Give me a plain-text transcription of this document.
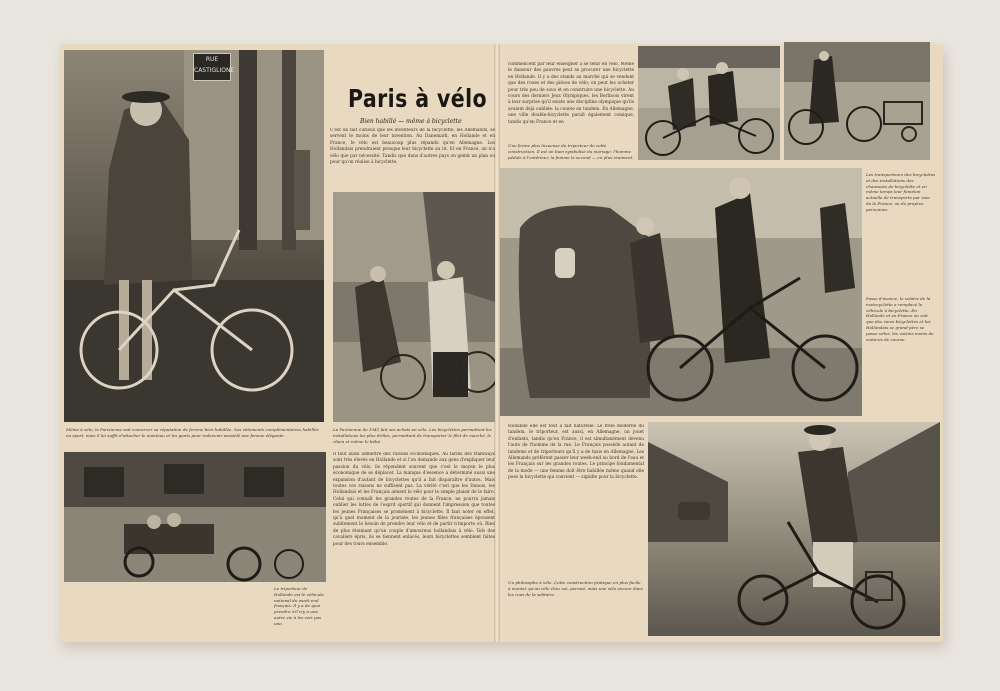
RUE CASTIGLIONE
Paris à vélo
Bien habillé — même à bicyclette
C'est un fait curieux que les inventeurs de la bicyclette, les Allemands, se servent le moins de leur invention. Au Danemark, en Hollande et en France, le vélo est beaucoup plus répandu qu'en Allemagne. Les Hollandais prendraient presque leur bicyclette au lit. Et en France, on n'a vélo que par nécessité. Tandis que dans d'autres pays on gemit un plan ou pour qu'on réalise à bicyclette.
Même à vélo, la Parisienne sait conserver sa réputation de femme bien habillée. Ses vêtements complémentaires habillés en sport, mais il lui suffit d'attacher le manteau et les gants pour redevenir aussitôt une femme élégante.
La Parisienne de 1941 fait ses achats en vélo. Les bicyclettes permettent les installations les plus drôles, permettant de transporter le filet de marché, le chien et même le bébé.
Le triporteur de Hollande est le véhicule national du week-end français. Il y a de quoi prendre s'il n'y a une autre vie à les voir pas une.
Il faut aussi admettre des raisons économiques. Au tardis des tramways sont très élevés en Hollande et si l'on demande aux gens d'expliquer leur passion du vélo, ils répondent souvent que c'est le moyen le plus économique de se déplacer. La manque d'essence a déterminé aussi une expansion d'autant de bicyclettes qu'il a fait disparaître d'autos. Mais toutes ces raisons ne suffisent pas. La vérité c'est que les Danois, les Hollandais et les Français aiment le vélo pour le simple plaisir de le faire. Celui qui connaît les grandes routes de la France, ne pourra jamais oublier les luttes de l'esprit sportif qui donnent l'impression que toutes les jeunes Françaises se promènent à bicyclette. Il faut noter en effet, qu'à quel moment de la journée, les jeunes filles françaises épousent subitement le besoin de prendre leur vélo et de partir n'importe où. Rien de plus étonnant qu'un couple d'amoureux hollandais à vélo. Tels des cavaliers épris, ils se tiennent enlacés, leurs bicyclettes semblent faites pour des tours ensemble.
commencent par leur enseigner à se tenir en vélo. Même le danseur des pauvres peut se procurer une bicyclette en Hollande. Il y a des stands au marché qui se vendent que des roues et des pièces de vélo; on peut les acheter pour très peu de sous et en construire une bicyclette. Au cours des derniers Jeux Olympiques, les Berlinois virent à leur surprise qu'il existe une discipline olympique qu'ils avaient déjà oubliée: la course en tandem. En Allemagne, une ville double-bicyclette paraît également comique, tandis qu'en France et en
Une forme plus luxueuse du triporteur de cette construction. Il est un bien symbolisé du mariage: l'homme pédale à l'extérieur, la femme le second — en plus vraiment.
Les transporteurs des bicyclettes et des installations des chaussées de bicyclette et en même temps leur fonction actuelle de transports par voie de la France, ou de propres personnes.
Passe d'avance, le solaire de la motocyclette a remplacé le véhicule à bicyclette. En Hollande et en France on voit que des vieux bicyclettes et les Hollandais se grand-père se passe vélos. les voisins moins de voitures de course.
Hollande elle est tout à fait naturelle. Le frêle moderne du tandem, le triporteur, est aussi, en Allemagne, un jouet d'enfants, tandis qu'en France, il est simultanément devenu l'auto de l'homme de la rue. Le Français possède autant de tandems et de triporteurs qu'il y a de taxis en Allemagne. Les Allemands préfèrent passer leur week-end au bord de l'eau et les Français sur les grandes routes. Le principe fondamental de la mode — une femme doit être habillée même quand elle pose la bicyclette qui convient — signifie pour la bicyclette.
Un philosophe à vélo. Cette construction pratique en plus facile à monter qu'un vélo chez soi, permet, mais une vélo encore dans les rues de la solitaire.
